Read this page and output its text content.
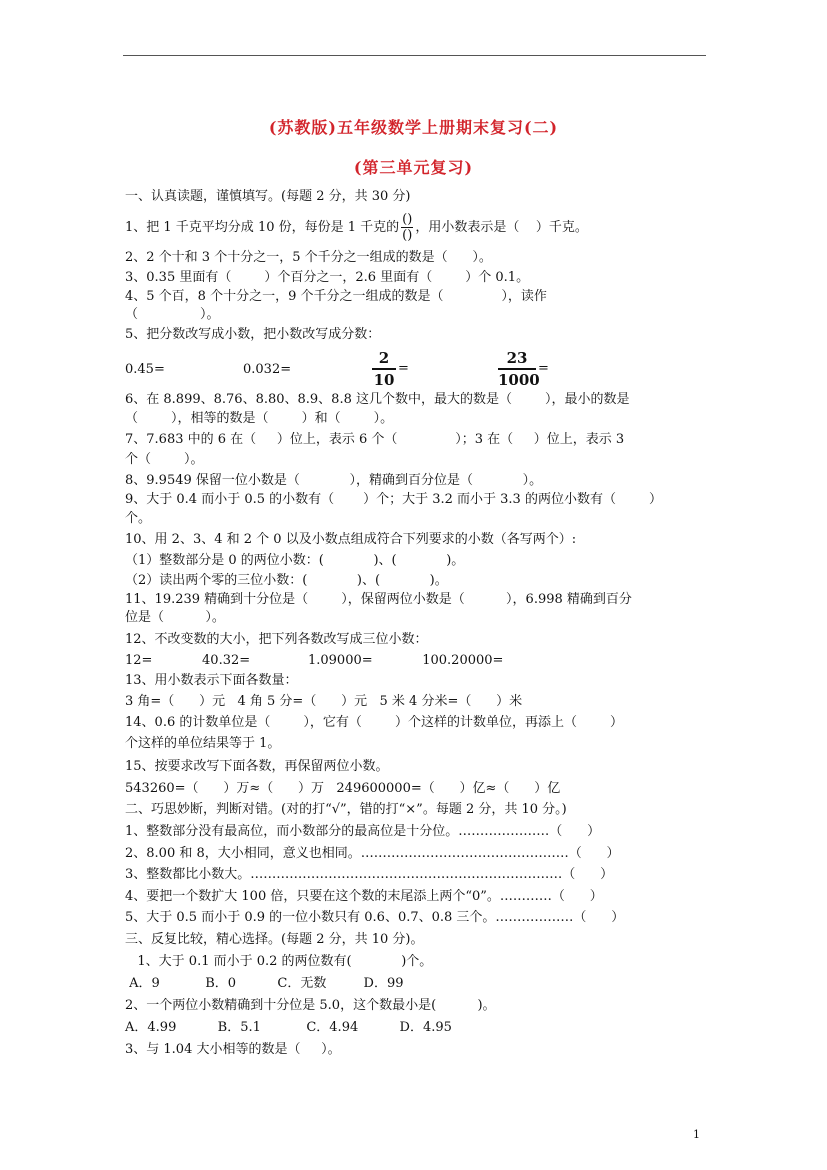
(苏教版)五年级数学上册期末复习(二)
(第三单元复习)
一、认真读题，谨慎填写。(每题 2 分，共 30 分)
1、把 1 千克平均分成 10 份，每份是 1 千克的 $\frac{()}{()}$ ，用小数表示是（    ）千克。
2、2 个十和 3 个十分之一，5 个千分之一组成的数是（      ）。
3、0.35 里面有（        ）个百分之一，2.6 里面有（        ）个 0.1。
4、5 个百，8 个十分之一，9 个千分之一组成的数是（              ），读作
（               ）。
5、把分数改写成小数，把小数改写成分数：
0.45=	0.032=	$\frac{2}{10}$ =	$\frac{23}{1000}$ =
6、在 8.899、8.76、8.80、8.9、8.8 这几个数中，最大的数是（        ），最小的数是
（        ），相等的数是（        ）和（        ）。
7、7.683 中的 6 在（     ）位上，表示 6 个（              ）；3 在（     ）位上，表示 3
个（        ）。
8、9.9549 保留一位小数是（            ），精确到百分位是（            ）。
9、大于 0.4 而小于 0.5 的小数有（       ）个；大于 3.2 而小于 3.3 的两位小数有（        ）
个。
10、用 2、3、4 和 2 个 0 以及小数点组成符合下列要求的小数（各写两个）:
（1）整数部分是 0 的两位小数：(            )、(            )。
（2）读出两个零的三位小数：(            )、(            )。
11、19.239 精确到十分位是（        ），保留两位小数是（          ），6.998 精确到百分
位是（          ）。
12、不改变数的大小，把下列各数改写成三位小数：
12=            40.32=              1.09000=            100.20000=
13、用小数表示下面各数量：
3 角=（      ）元   4 角 5 分=（      ）元   5 米 4 分米=（      ）米
14、0.6 的计数单位是（        ），它有（        ）个这样的计数单位，再添上（        ）
个这样的单位结果等于 1。
15、按要求改写下面各数，再保留两位小数。
543260=（      ）万≈（      ）万   249600000=（      ）亿≈（      ）亿
二、巧思妙断，判断对错。(对的打“√”，错的打“×”。每题 2 分，共 10 分。)
1、整数部分没有最高位，而小数部分的最高位是十分位。…………………（      ）
2、8.00 和 8，大小相同，意义也相同。…………………………………………（      ）
3、整数都比小数大。………………………………………………………………（      ）
4、要把一个数扩大 100 倍，只要在这个数的末尾添上两个“0”。…………（      ）
5、大于 0.5 而小于 0.9 的一位小数只有 0.6、0.7、0.8 三个。………………（      ）
三、反复比较，精心选择。(每题 2 分，共 10 分)。
1、大于 0.1 而小于 0.2 的两位数有(            )个。
A．9           B．0          C．无数         D．99
2、一个两位小数精确到十分位是 5.0，这个数最小是(          )。
A．4.99          B．5.1           C．4.94          D．4.95
3、与 1.04 大小相等的数是（     ）。
1
